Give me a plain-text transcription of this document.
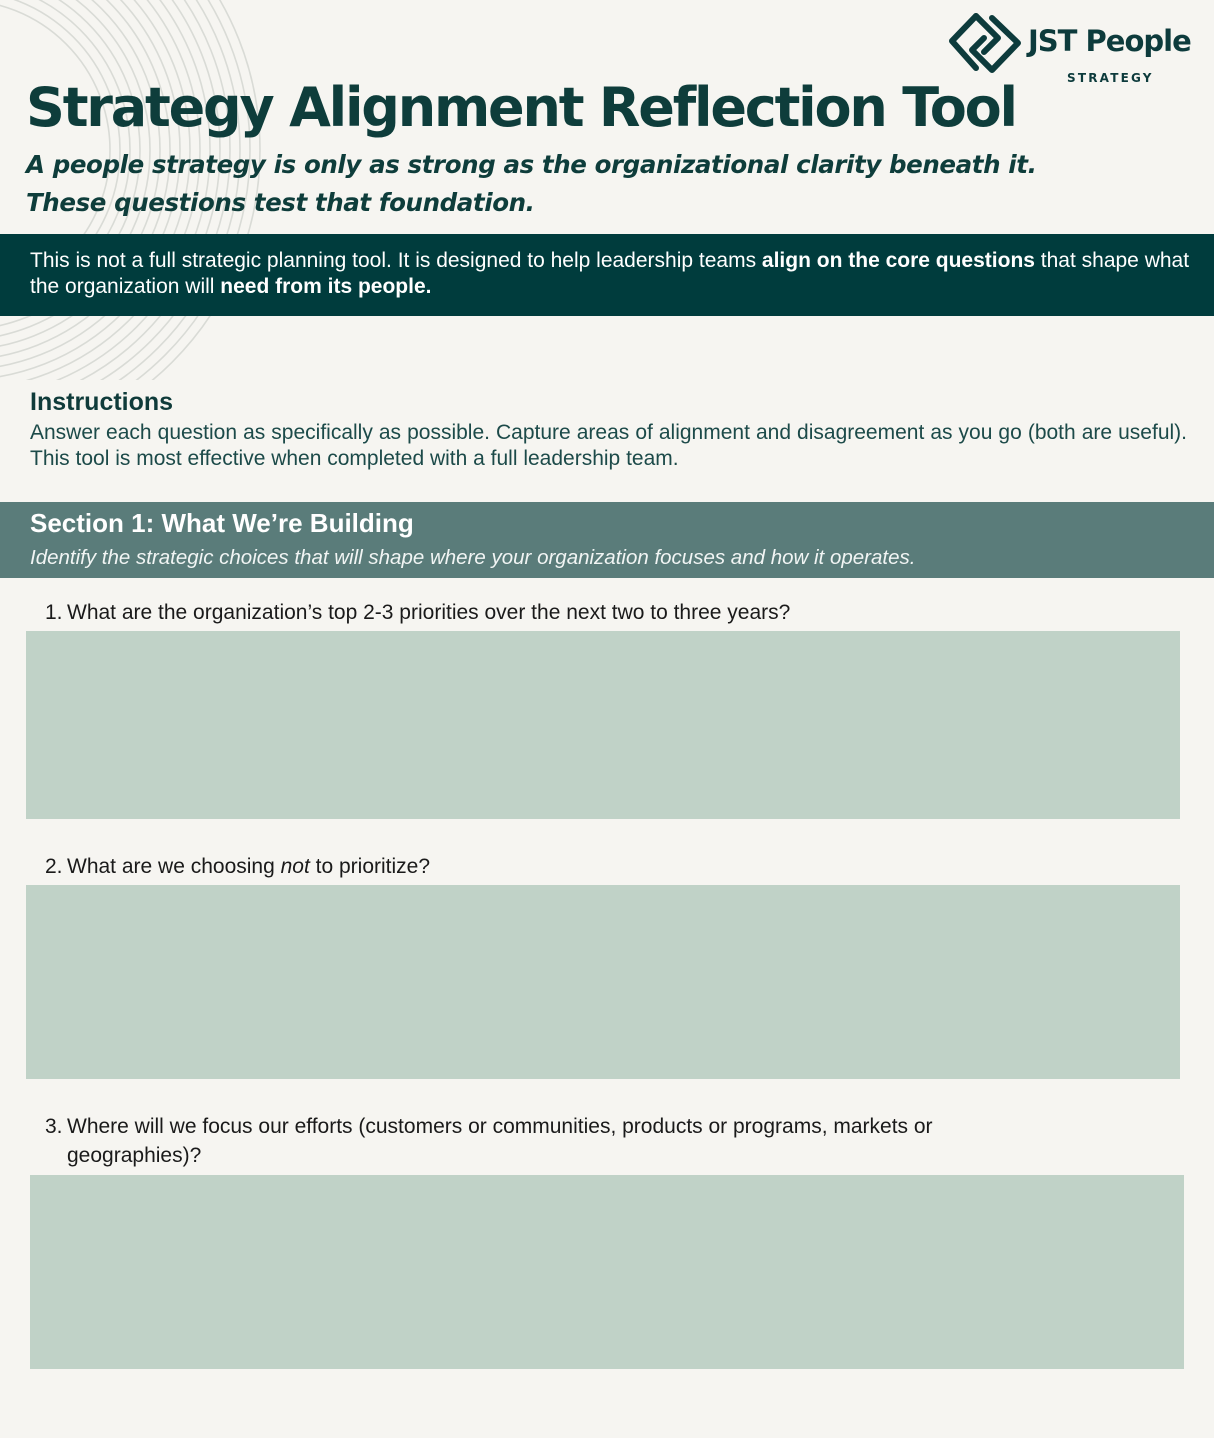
JST People
STRATEGY
Strategy Alignment Reflection Tool

A people strategy is only as strong as the organizational clarity beneath it.
These questions test that foundation.

This is not a full strategic planning tool. It is designed to help leadership teams align on the core questions that shape what the organization will need from its people.

Instructions

Answer each question as specifically as possible. Capture areas of alignment and disagreement as you go (both are useful). This tool is most effective when completed with a full leadership team.

Section 1: What We’re Building

Identify the strategic choices that will shape where your organization focuses and how it operates.

1. What are the organization’s top 2-3 priorities over the next two to three years?

2. What are we choosing not to prioritize?

3. Where will we focus our efforts (customers or communities, products or programs, markets or geographies)?
